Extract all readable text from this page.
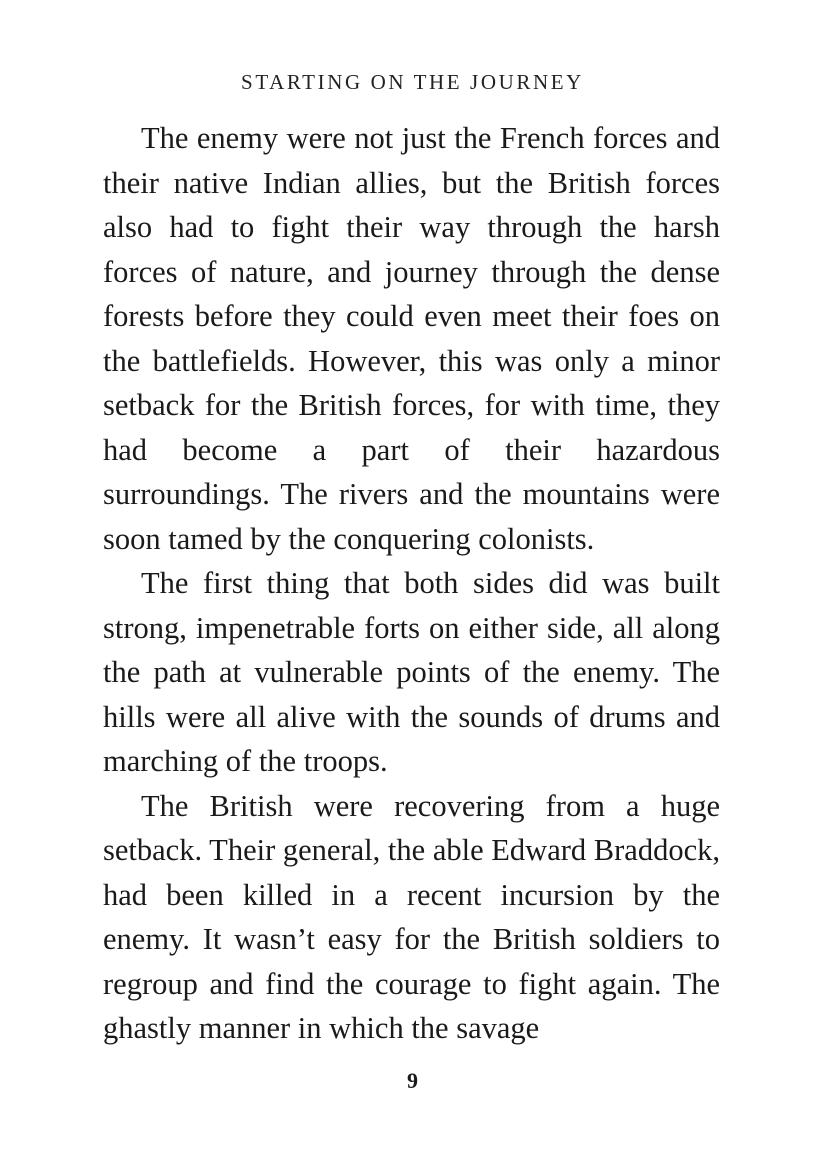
STARTING ON THE JOURNEY

The enemy were not just the French forces and their native Indian allies, but the British forces also had to fight their way through the harsh forces of nature, and journey through the dense forests before they could even meet their foes on the battlefields. However, this was only a minor setback for the British forces, for with time, they had become a part of their hazardous surroundings. The rivers and the mountains were soon tamed by the conquering colonists.

The first thing that both sides did was built strong, impenetrable forts on either side, all along the path at vulnerable points of the enemy. The hills were all alive with the sounds of drums and marching of the troops.

The British were recovering from a huge setback. Their general, the able Edward Braddock, had been killed in a recent incursion by the enemy. It wasn’t easy for the British soldiers to regroup and find the courage to fight again. The ghastly manner in which the savage

9
